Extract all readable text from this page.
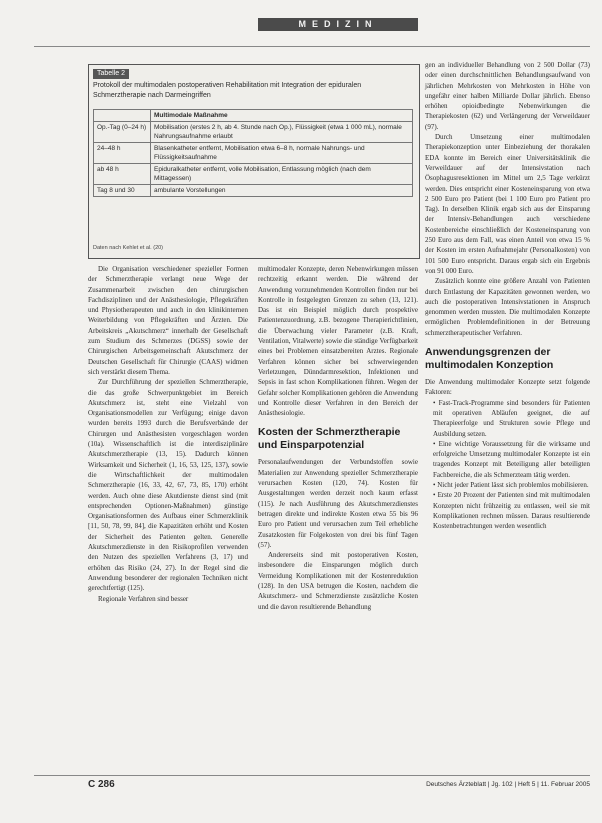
MEDIZIN
Tabelle 2
Protokoll der multimodalen postoperativen Rehabilitation mit Integration der epiduralen Schmerztherapie nach Darmeingriffen
	Multimodale Maßnahme
Op.-Tag (0–24 h)	Mobilisation (erstes 2 h, ab 4. Stunde nach Op.), Flüssigkeit (etwa 1 000 mL), normale Nahrungsaufnahme erlaubt
24–48 h	Blasenkatheter entfernt, Mobilisation etwa 6–8 h, normale Nahrungs- und Flüssigkeitsaufnahme
ab 48 h	Epiduralkatheter entfernt, volle Mobilisation, Entlassung möglich (nach dem Mittagessen)
Tag 8 und 30	ambulante Vorstellungen
Daten nach Kehlet et al. (20)

gen an individueller Behandlung von 2 500 Dollar (73) oder einen durchschnittlichen Behandlungsaufwand von jährlichen Mehrkosten von Mehrkosten in Höhe von ungefähr einer halben Milliarde Dollar jährlich. Ebenso erhöhen opioidbedingte Nebenwirkungen die Therapiekosten (62) und Verlängerung der Verweildauer (97).

Durch Umsetzung einer multimodalen Therapiekonzeption unter Einbeziehung der thorakalen EDA konnte im Bereich einer Universitätsklinik die Verweildauer auf der Intensivstation nach Ösophagusresektionen im Mittel um 2,5 Tage verkürzt werden. Dies entspricht einer Kosteneinsparung von etwa 2 500 Euro pro Patient (bei 1 100 Euro pro Patient pro Tag). In derselben Klinik ergab sich aus der Einsparung der Intensiv-Behandlungen auch verschiedene Kostenbereiche einschließlich der Kosteneinsparung von 250 Euro aus dem Fall, was einen Anteil von etwa 15 % der Kosten im ersten Aufnahmejahr (Personalkosten) von 101 500 Euro entspricht. Daraus ergab sich ein Ergebnis von 91 000 Euro.

Zusätzlich konnte eine größere Anzahl von Patienten durch Entlastung der Kapazitäten gewonnen werden, wo auch die postoperativen Intensivstationen in Anspruch genommen werden mussten. Die multimodalen Konzepte ermöglichen Problemdefinitionen in der Betreuung schmerztherapeutischer Verfahren.

Anwendungsgrenzen der multimodalen Konzeption

Die Anwendung multimodaler Konzepte setzt folgende Faktoren:

• Fast-Track-Programme sind besonders für Patienten mit operativen Abläufen geeignet, die auf Therapieerfolge und Strukturen sowie Pflege und Ausbildung setzen.

• Eine wichtige Voraussetzung für die wirksame und erfolgreiche Umsetzung multimodaler Konzepte ist ein tragendes Konzept mit Beteiligung aller beteiligten Fachbereiche, die als Schmerzteam tätig werden.

• Nicht jeder Patient lässt sich problemlos mobilisieren.

• Erste 20 Prozent der Patienten sind mit multimodalen Konzepten nicht frühzeitig zu entlassen, weil sie mit Komplikationen rechnen müssen. Daraus resultierende Kostenbetrachtungen werden wesentlich

Die Organisation verschiedener spezieller Formen der Schmerztherapie verlangt neue Wege der Zusammenarbeit zwischen den chirurgischen Fachdisziplinen und der Anästhesiologie, Pflegekräften und Physiotherapeuten und auch in den klinikinternen Weiterbildung von Pflegekräften und Ärzten. Die Arbeitskreis „Akutschmerz“ innerhalb der Gesellschaft zum Studium des Schmerzes (DGSS) sowie der Chirurgischen Arbeitsgemeinschaft Akutschmerz der Deutschen Gesellschaft für Chirurgie (CAAS) widmen sich verstärkt diesem Thema.

Zur Durchführung der speziellen Schmerztherapie, die das große Schwerpunktgebiet im Bereich Akutschmerz ist, steht eine Vielzahl von Organisationsmodellen zur Verfügung; einige davon wurden bereits 1993 durch die Berufsverbände der Chirurgen und Anästhesisten vorgeschlagen worden (10a). Wissenschaftlich ist die interdisziplinäre Akutschmerztherapie (13, 15). Dadurch können Wirksamkeit und Sicherheit (1, 16, 53, 125, 137), sowie die Wirtschaftlichkeit der multimodalen Schmerztherapie (16, 33, 42, 67, 73, 85, 170) erhöht werden. Auch ohne diese Akutdienste dienst sind (mit entsprechenden Optionen-Maßnahmen) günstige Organisationsformen des Aufbaus einer Schmerzklinik [11, 50, 78, 99, 84], die Kapazitäten erhöht und Kosten der Sicherheit des Patienten gelten. Generelle Akutschmerzdienste in den Risikoprofilen verwenden den Nutzen des speziellen Verfahrens (3, 17) und erhöhen das Risiko (24, 27). In der Regel sind die Anwendung besonderer der regionalen Techniken nicht gerechtfertigt (125).

Regionale Verfahren sind besser

multimodaler Konzepte, deren Nebenwirkungen müssen rechtzeitig erkannt werden. Die während der Anwendung vorzunehmenden Kontrollen finden nur bei Kontrolle in festgelegten Grenzen zu sehen (13, 121). Das ist ein Beispiel möglich durch prospektive Patientenzuordnung, z.B. bezogene Therapierichtlinien, die Überwachung vieler Parameter (z.B. Kraft, Ventilation, Vitalwerte) sowie die ständige Verfügbarkeit eines bei Problemen einsatzbereiten Arztes. Regionale Verfahren können sicher bei schwerwiegenden Verletzungen, Dünndarmresektion, Infektionen und Sepsis in fast schon Komplikationen führen. Wegen der Gefahr solcher Komplikationen gehören die Anwendung und Kontrolle dieser Verfahren in den Bereich der Anästhesiologie.

Kosten der Schmerztherapie und Einsparpotenzial

Personalaufwendungen der Verbundstoffen sowie Materialien zur Anwendung spezieller Schmerztherapie verursachen Kosten (120, 74). Kosten für Ausgestaltungen werden derzeit noch kaum erfasst (115). Je nach Ausführung des Akutschmerzdienstes betragen direkte und indirekte Kosten etwa 55 bis 96 Euro pro Patient und verursachen zum Teil erhebliche Zusatzkosten für Folgekosten von drei bis fünf Tagen (57).

Andererseits sind mit postoperativen Kosten, insbesondere die Einsparungen möglich durch Vermeidung Komplikationen mit der Kostenreduktion (128). In den USA betrugen die Kosten, nachdem die Akutschmerz- und Schmerzdienste zusätzliche Kosten und die davon resultierende Behandlung

C 286	Deutsches Ärzteblatt | Jg. 102 | Heft 5 | 11. Februar 2005
